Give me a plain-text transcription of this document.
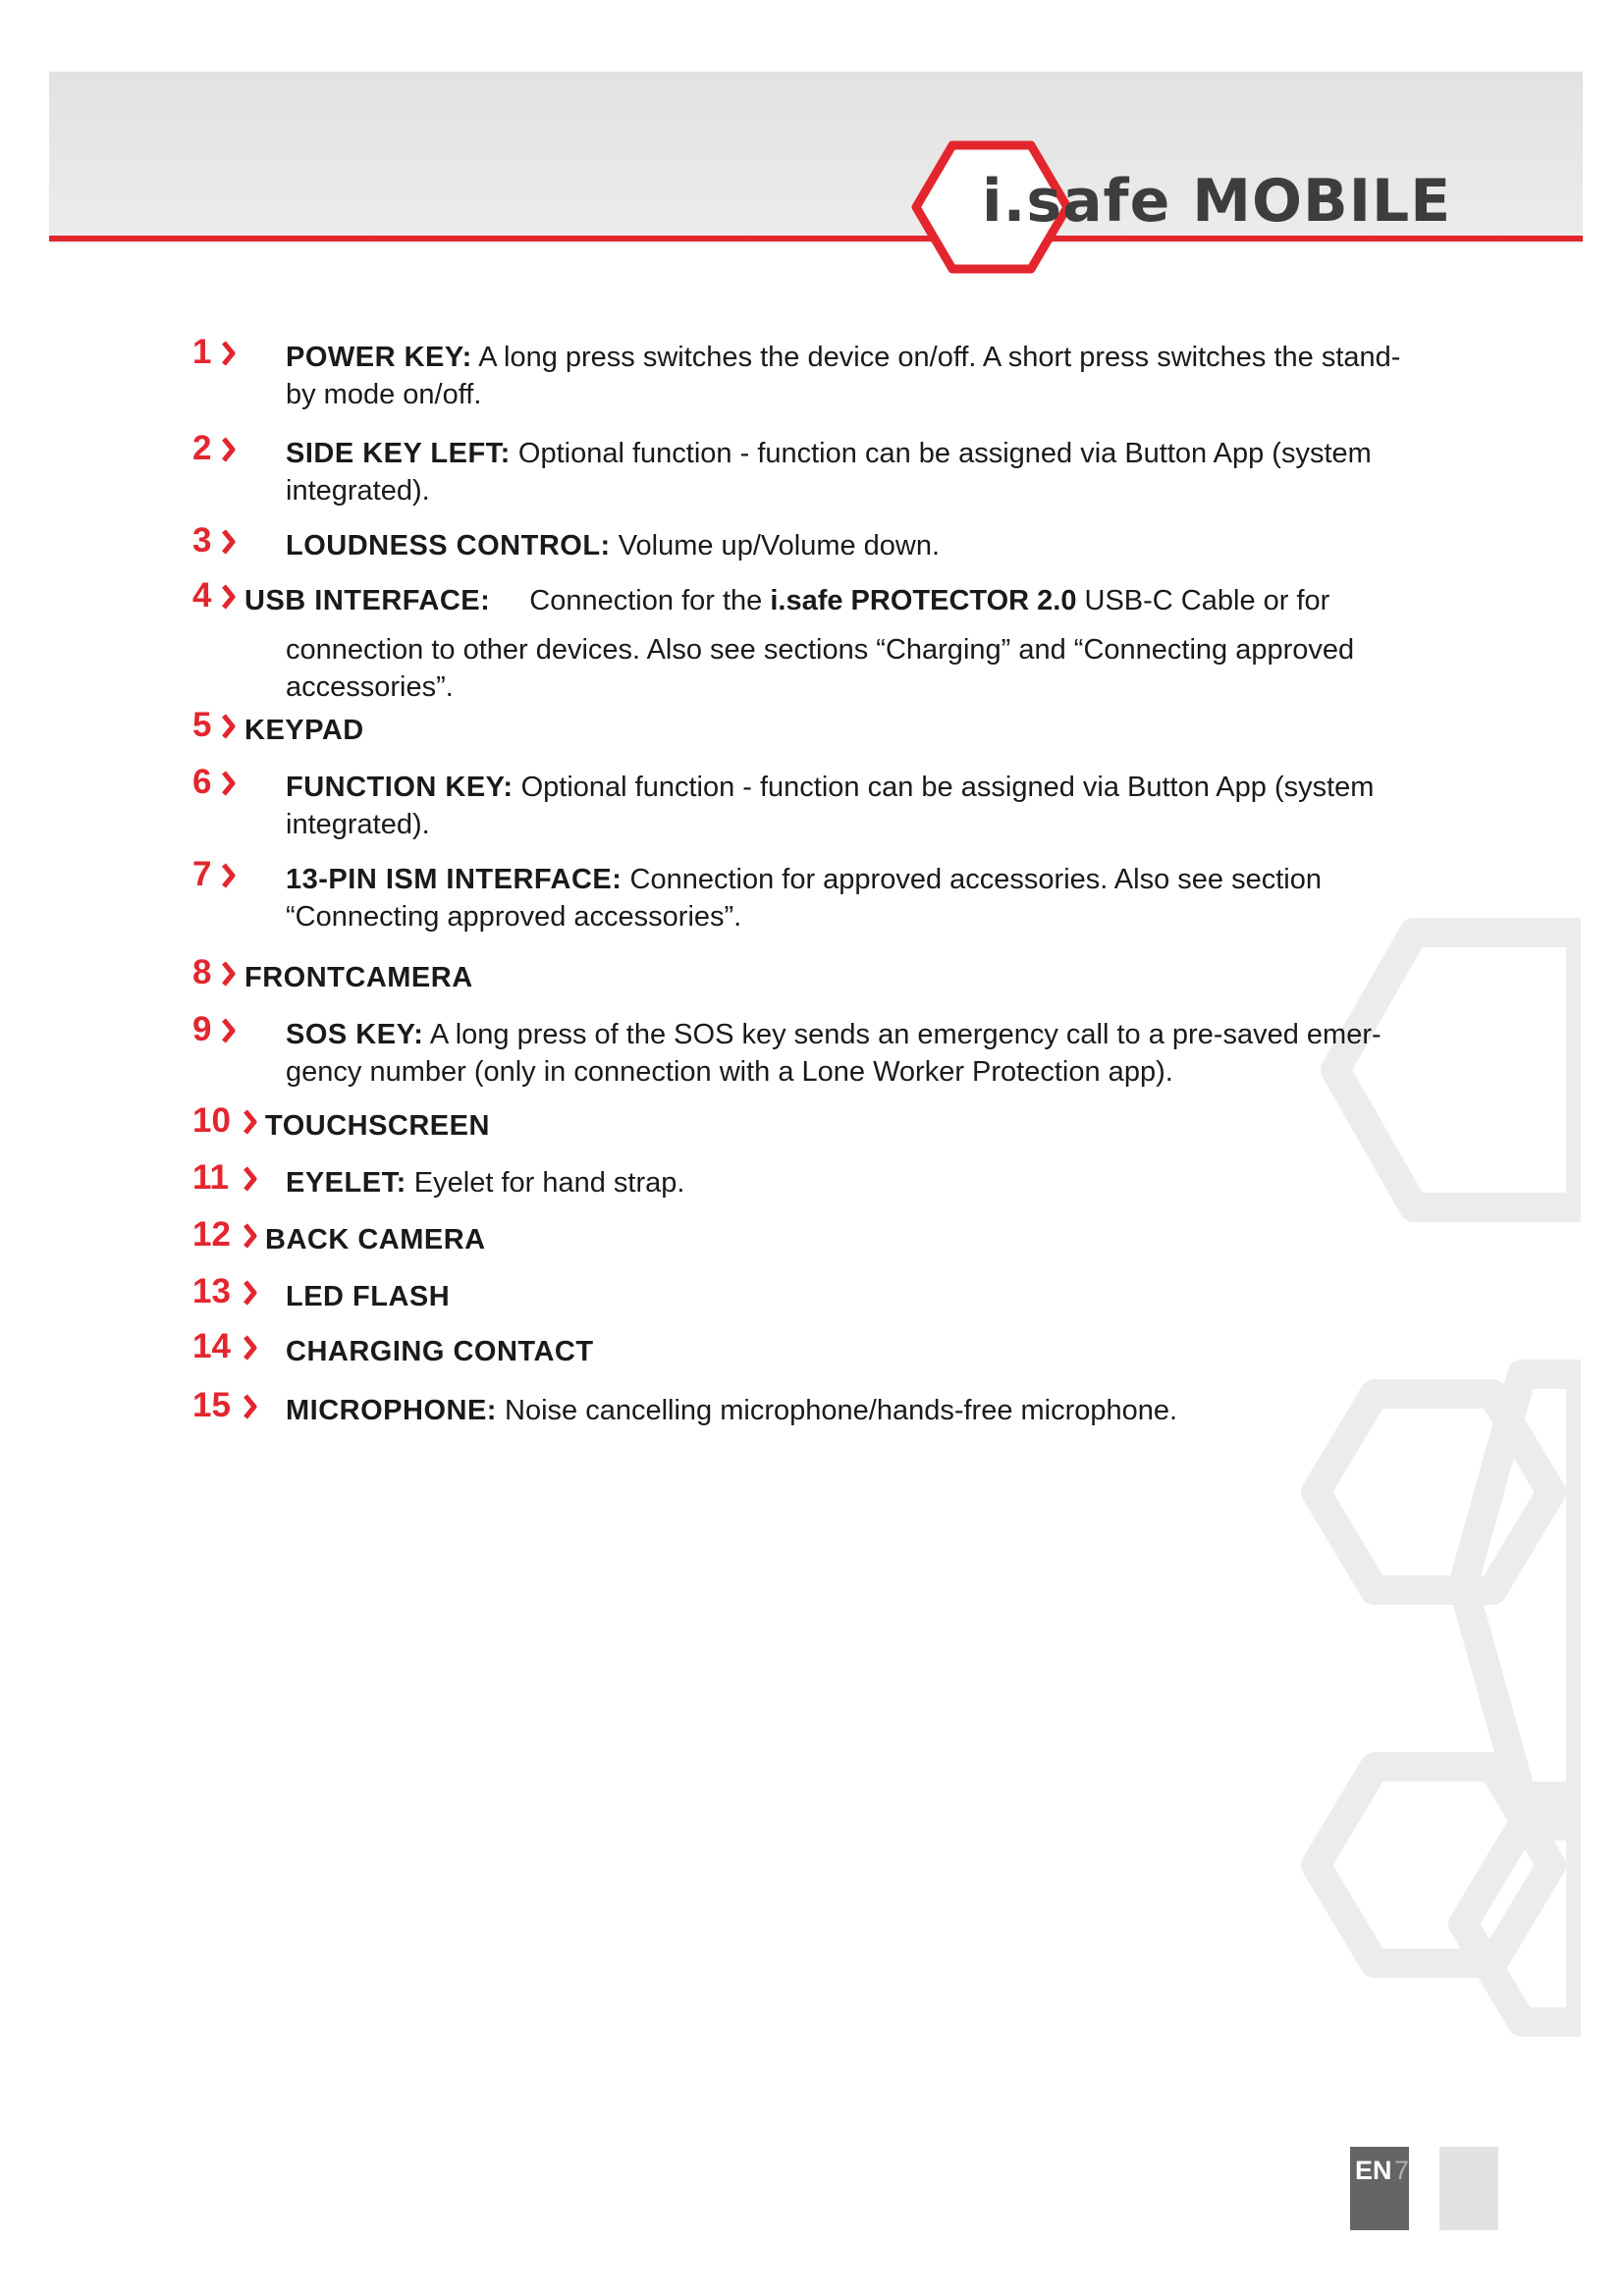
i.safe MOBILE
1	POWER KEY: A long press switches the device on/off. A short press switches the stand-
by mode on/off.
2	SIDE KEY LEFT: Optional function - function can be assigned via Button App (system
integrated).
3	LOUDNESS CONTROL: Volume up/Volume down.
4 USB INTERFACE: Connection for the i.safe PROTECTOR 2.0 USB-C Cable or for
connection to other devices. Also see sections “Charging” and “Connecting approved
accessories”.
5 KEYPAD
6	FUNCTION KEY: Optional function - function can be assigned via Button App (system
integrated).
7	13-PIN ISM INTERFACE: Connection for approved accessories. Also see section
“Connecting approved accessories”.
8 FRONTCAMERA
9	SOS KEY: A long press of the SOS key sends an emergency call to a pre-saved emer-
gency number (only in connection with a Lone Worker Protection app).
10 TOUCHSCREEN
11 EYELET: Eyelet for hand strap.
12 BACK CAMERA
13 LED FLASH
14 CHARGING CONTACT
15 MICROPHONE: Noise cancelling microphone/hands-free microphone.
EN 7
